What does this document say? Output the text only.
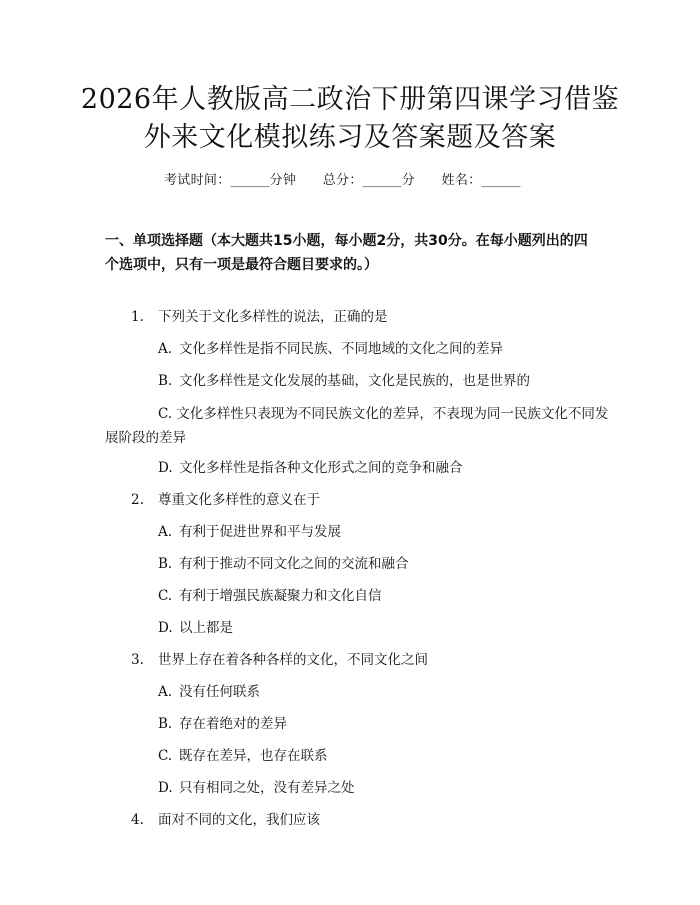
2026年人教版高二政治下册第四课学习借鉴
外来文化模拟练习及答案题及答案
考试时间：______分钟 总分：______分 姓名：______
一、单项选择题（本大题共15小题，每小题2分，共30分。在每小题列出的四个选项中，只有一项是最符合题目要求的。）
1. 下列关于文化多样性的说法，正确的是
A. 文化多样性是指不同民族、不同地域的文化之间的差异
B. 文化多样性是文化发展的基础，文化是民族的，也是世界的
C. 文化多样性只表现为不同民族文化的差异，不表现为同一民族文化不同发展阶段的差异
D. 文化多样性是指各种文化形式之间的竞争和融合
2. 尊重文化多样性的意义在于
A. 有利于促进世界和平与发展
B. 有利于推动不同文化之间的交流和融合
C. 有利于增强民族凝聚力和文化自信
D. 以上都是
3. 世界上存在着各种各样的文化，不同文化之间
A. 没有任何联系
B. 存在着绝对的差异
C. 既存在差异，也存在联系
D. 只有相同之处，没有差异之处
4. 面对不同的文化，我们应该
